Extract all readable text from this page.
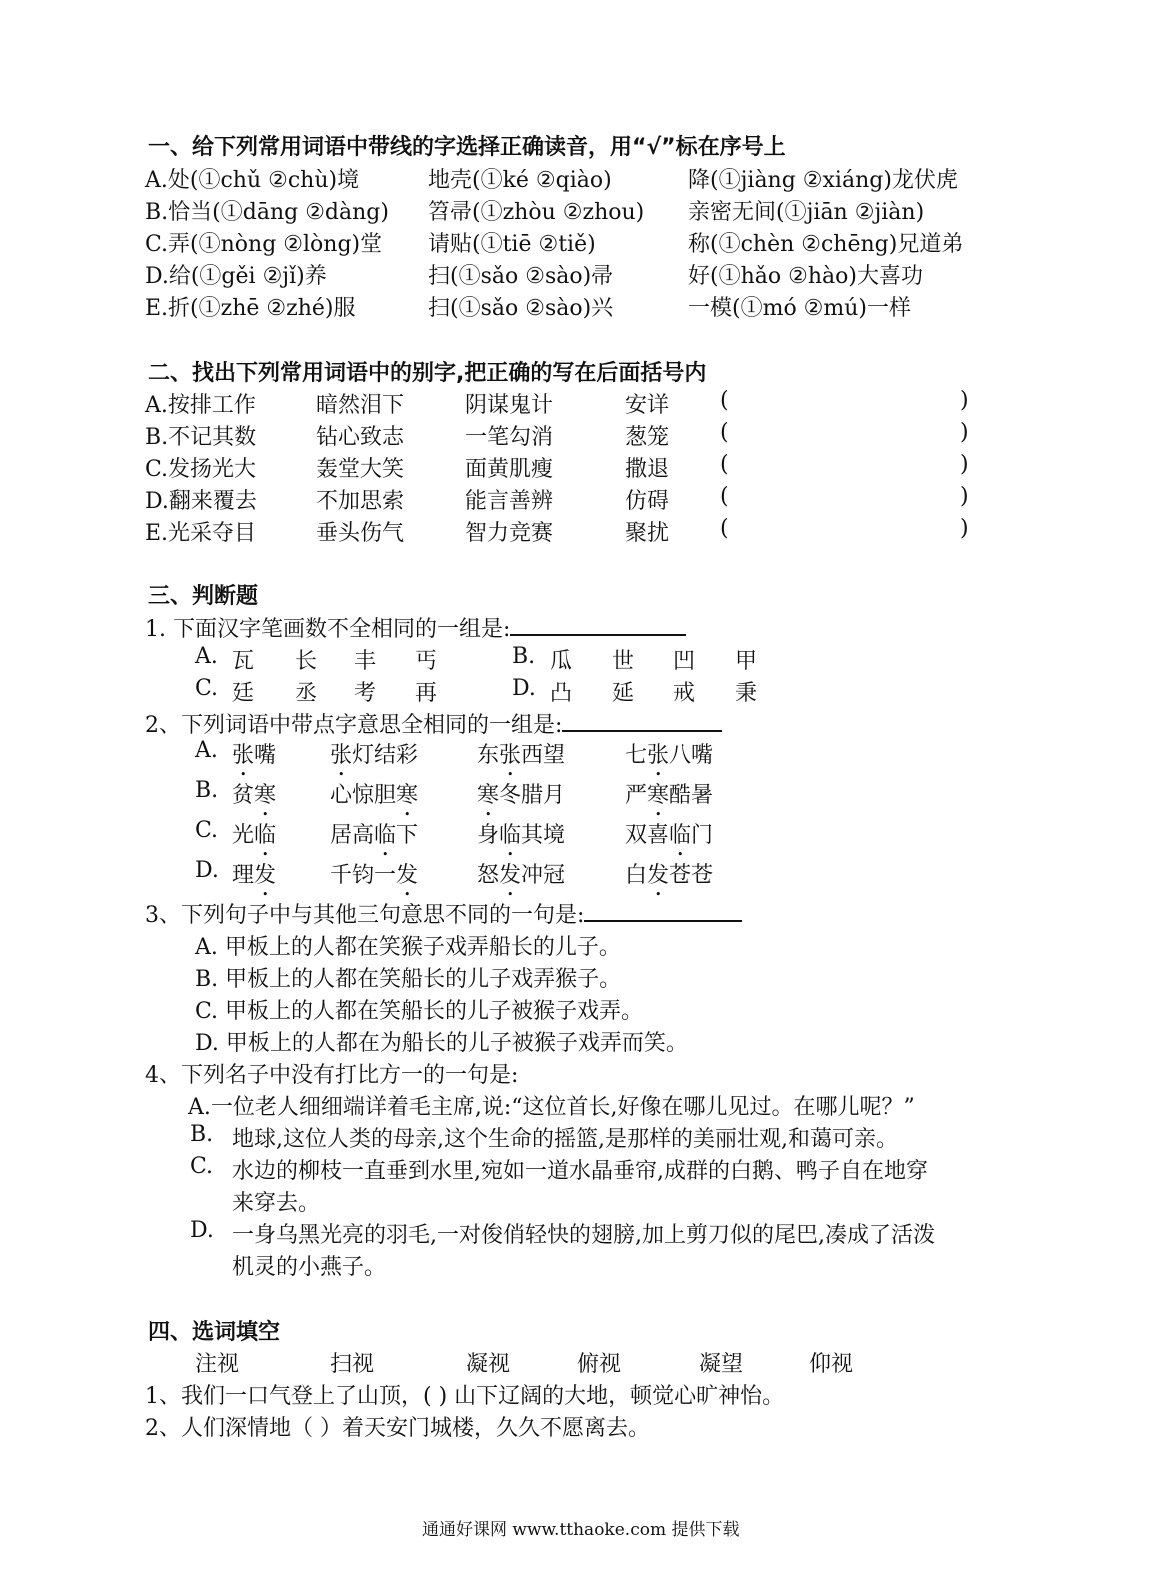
一、给下列常用词语中带线的字选择正确读音，用“√”标在序号上
A.处(①chǔ ②chù)境	地壳(①ké ②qiào)	降(①jiàng ②xiáng)龙伏虎
B.恰当(①dāng ②dàng) 笤帚(①zhòu ②zhou) 亲密无间(①jiān ②jiàn)
C.弄(①nòng ②lòng)堂 请贴(①tiē ②tiě)	称(①chèn ②chēng)兄道弟
D.给(①gěi ②jǐ)养	扫(①sǎo ②sào)帚	好(①hǎo ②hào)大喜功
E.折(①zhē ②zhé)服	扫(①sǎo ②sào)兴	一模(①mó ②mú)一样
二、找出下列常用词语中的别字,把正确的写在后面括号内
A.按排工作	暗然泪下	阴谋鬼计	安详 (	)
B.不记其数	钻心致志	一笔勾消	葱笼 (	)
C.发扬光大	轰堂大笑	面黄肌瘦	撒退 (	)
D.翻来覆去	不加思索	能言善辨	仿碍 (	)
E.光采夺目	垂头伤气	智力竞赛	聚扰 (	)
三、判断题
1. 下面汉字笔画数不全相同的一组是:
A. 瓦 长 丰 丐	B. 瓜 世 凹 甲
C. 廷 丞 考 再	D. 凸 延 戒 秉
2、下列词语中带点字意思全相同的一组是:
A. 张嘴 张灯结彩	东张西望	七张八嘴
B. 贫寒 心惊胆寒	寒冬腊月	严寒酷暑
C. 光临 居高临下	身临其境	双喜临门
D. 理发 千钧一发	怒发冲冠	白发苍苍
3、下列句子中与其他三句意思不同的一句是:
A. 甲板上的人都在笑猴子戏弄船长的儿子。
B. 甲板上的人都在笑船长的儿子戏弄猴子。
C. 甲板上的人都在笑船长的儿子被猴子戏弄。
D. 甲板上的人都在为船长的儿子被猴子戏弄而笑。
4、下列名子中没有打比方一的一句是:
A.一位老人细细端详着毛主席,说:“这位首长,好像在哪儿见过。在哪儿呢？”
B. 地球,这位人类的母亲,这个生命的摇篮,是那样的美丽壮观,和蔼可亲。
C. 水边的柳枝一直垂到水里,宛如一道水晶垂帘,成群的白鹅、鸭子自在地穿
来穿去。
D. 一身乌黑光亮的羽毛,一对俊俏轻快的翅膀,加上剪刀似的尾巴,凑成了活泼
机灵的小燕子。
四、选词填空
注视	扫视	凝视	俯视	凝望	仰视
1、我们一口气登上了山顶，( ) 山下辽阔的大地，顿觉心旷神怡。
2、人们深情地（ ）着天安门城楼，久久不愿离去。
通通好课网 www.tthaoke.com 提供下载
